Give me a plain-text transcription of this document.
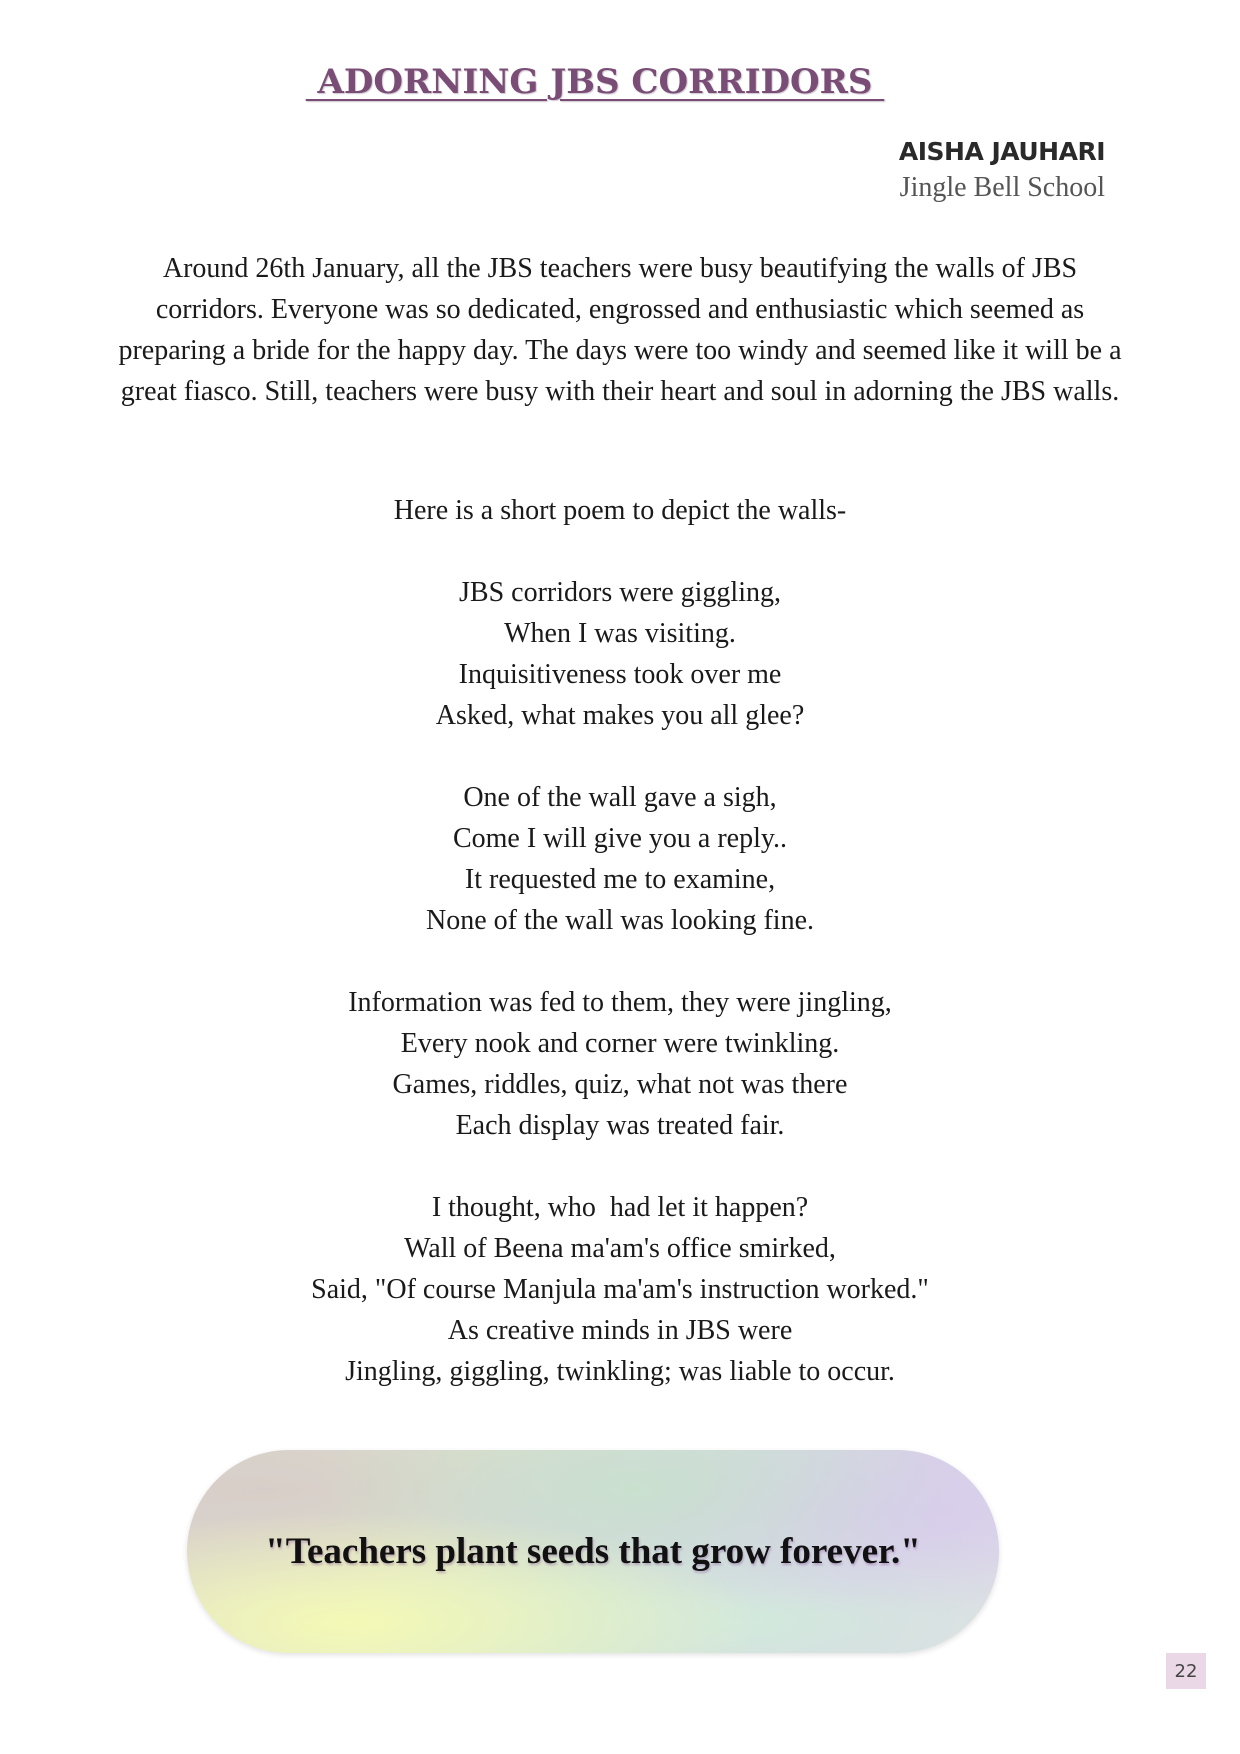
ADORNING JBS CORRIDORS
AISHA JAUHARI
Jingle Bell School

Around 26th January, all the JBS teachers were busy beautifying the walls of JBS corridors. Everyone was so dedicated, engrossed and enthusiastic which seemed as preparing a bride for the happy day. The days were too windy and seemed like it will be a great fiasco. Still, teachers were busy with their heart and soul in adorning the JBS walls.

Here is a short poem to depict the walls-
JBS corridors were giggling,
When I was visiting.
Inquisitiveness took over me
Asked, what makes you all glee?
One of the wall gave a sigh,
Come I will give you a reply..
It requested me to examine,
None of the wall was looking fine.
Information was fed to them, they were jingling,
Every nook and corner were twinkling.
Games, riddles, quiz, what not was there
Each display was treated fair.
I thought, who  had let it happen?
Wall of Beena ma'am's office smirked,
Said, "Of course Manjula ma'am's instruction worked."
As creative minds in JBS were
Jingling, giggling, twinkling; was liable to occur.
"Teachers plant seeds that grow forever."
22
